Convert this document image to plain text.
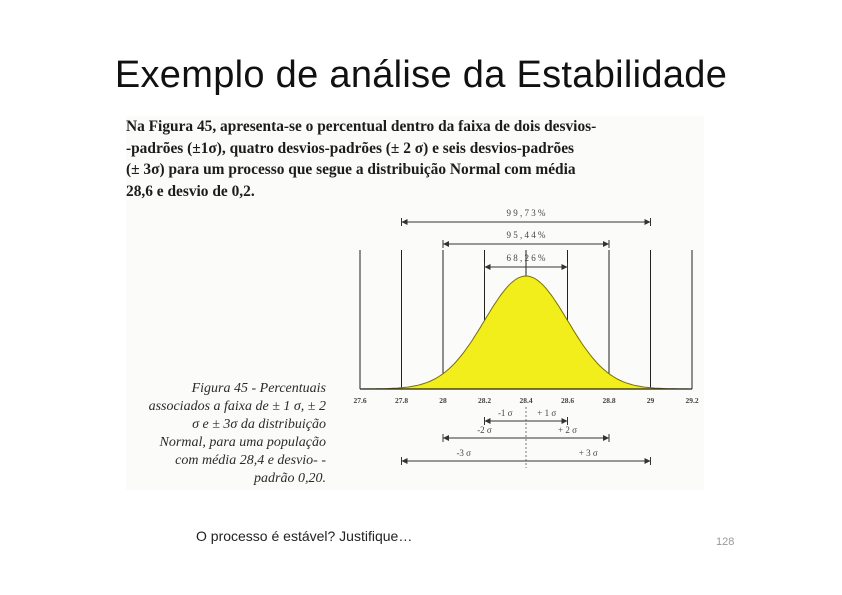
Exemplo de análise da Estabilidade
Na Figura 45, apresenta-se o percentual dentro da faixa de dois desvios-
-padrões (±1σ), quatro desvios-padrões (± 2 σ) e seis desvios-padrões
(± 3σ) para um processo que segue a distribuição Normal com média
28,6 e desvio de 0,2.
27.6	27.8	28	28.2	28.4	28.6	28.8	29	29.2
9 9 , 7 3 %
9 5 , 4 4 %
6 8 , 2 6 %
-1 σ	+ 1 σ
-2 σ	+ 2 σ
-3 σ	+ 3 σ
Figura 45 - Percentuais
associados a faixa de ± 1 σ, ± 2
σ e ± 3σ da distribuição
Normal, para uma população
com média 28,4 e desvio- -
padrão 0,20.
O processo é estável? Justifique…	128
